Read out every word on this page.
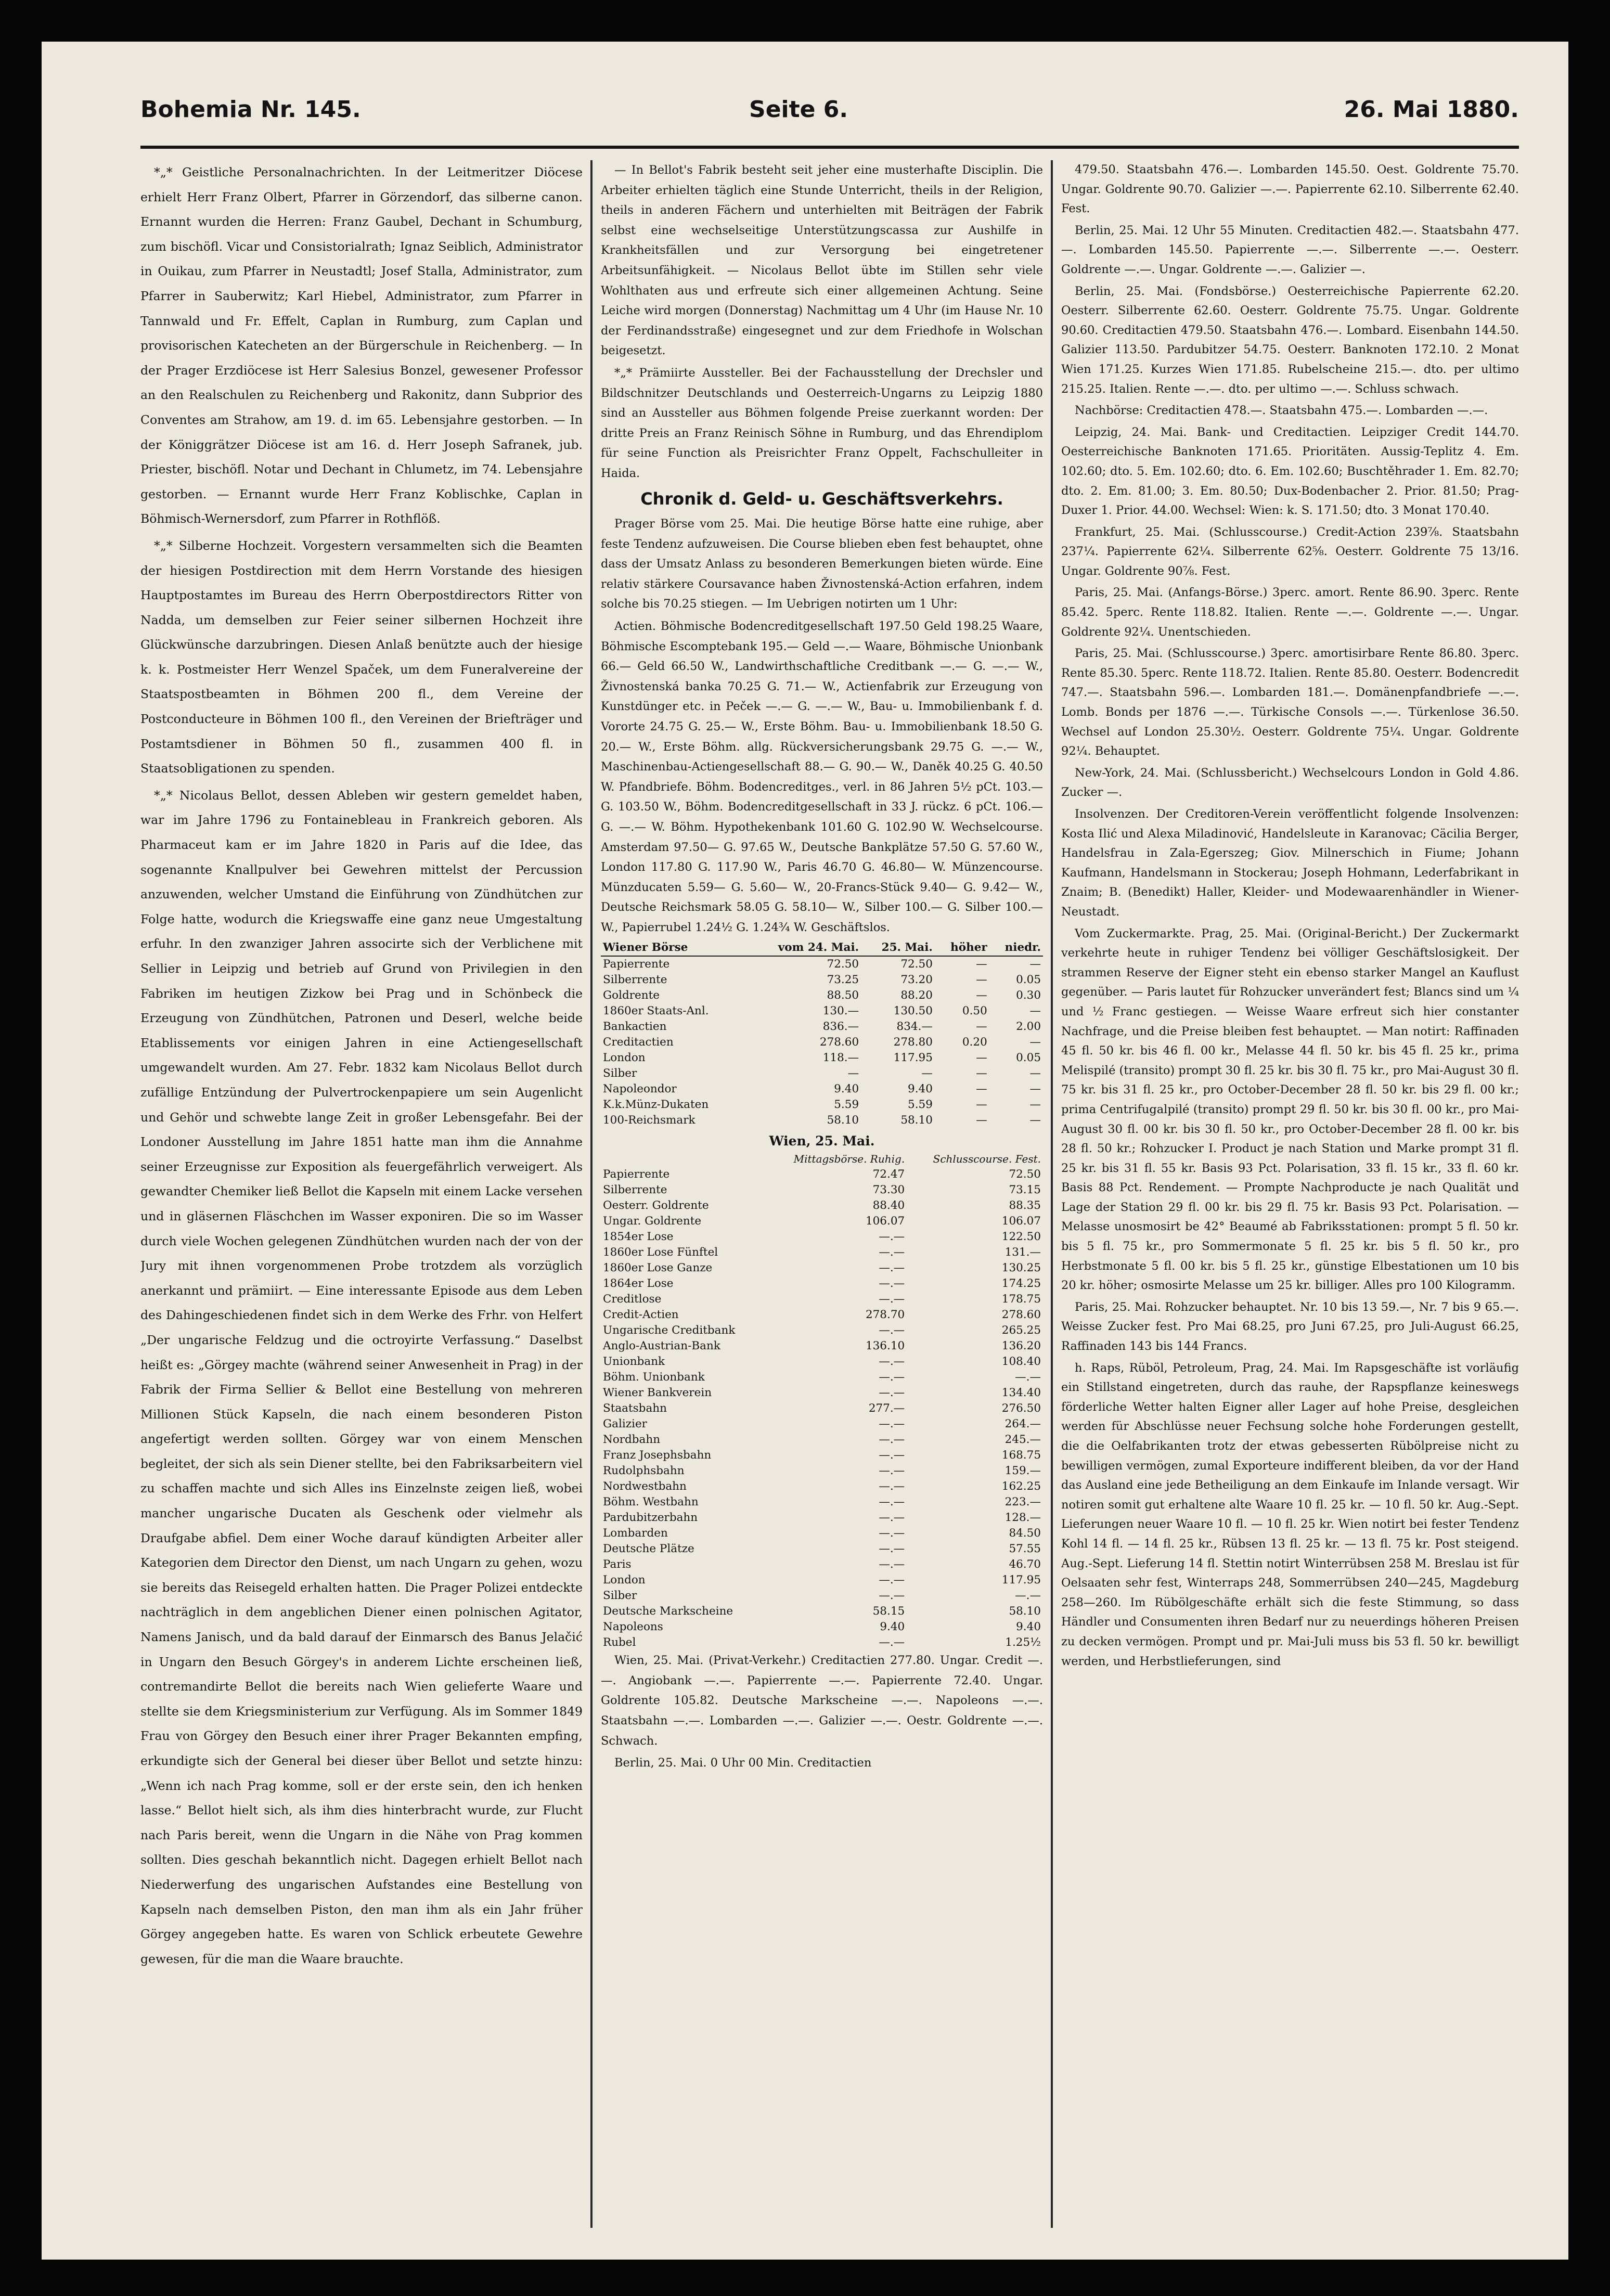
Bohemia Nr. 145.	Seite 6.	26. Mai 1880.

*„* Geistliche Personalnachrichten. In der Leitmeritzer Diöcese erhielt Herr Franz Olbert, Pfarrer in Görzendorf, das silberne canon. Ernannt wurden die Herren: Franz Gaubel, Dechant in Schumburg, zum bischöfl. Vicar und Consistorialrath; Ignaz Seiblich, Administrator in Ouikau, zum Pfarrer in Neustadtl; Josef Stalla, Administrator, zum Pfarrer in Sauberwitz; Karl Hiebel, Administrator, zum Pfarrer in Tannwald und Fr. Effelt, Caplan in Rumburg, zum Caplan und provisorischen Katecheten an der Bürgerschule in Reichenberg. — In der Prager Erzdiöcese ist Herr Salesius Bonzel, gewesener Professor an den Realschulen zu Reichenberg und Rakonitz, dann Subprior des Conventes am Strahow, am 19. d. im 65. Lebensjahre gestorben. — In der Königgrätzer Diöcese ist am 16. d. Herr Joseph Safranek, jub. Priester, bischöfl. Notar und Dechant in Chlumetz, im 74. Lebensjahre gestorben. — Ernannt wurde Herr Franz Koblischke, Caplan in Böhmisch-Wernersdorf, zum Pfarrer in Rothflöß.

*„* Silberne Hochzeit. Vorgestern versammelten sich die Beamten der hiesigen Postdirection mit dem Herrn Vorstande des hiesigen Hauptpostamtes im Bureau des Herrn Oberpostdirectors Ritter von Nadda, um demselben zur Feier seiner silbernen Hochzeit ihre Glückwünsche darzubringen. Diesen Anlaß benützte auch der hiesige k. k. Postmeister Herr Wenzel Spaček, um dem Funeralvereine der Staatspostbeamten in Böhmen 200 fl., dem Vereine der Postconducteure in Böhmen 100 fl., den Vereinen der Briefträger und Postamtsdiener in Böhmen 50 fl., zusammen 400 fl. in Staatsobligationen zu spenden.

*„* Nicolaus Bellot, dessen Ableben wir gestern gemeldet haben, war im Jahre 1796 zu Fontainebleau in Frankreich geboren. Als Pharmaceut kam er im Jahre 1820 in Paris auf die Idee, das sogenannte Knallpulver bei Gewehren mittelst der Percussion anzuwenden, welcher Umstand die Einführung von Zündhütchen zur Folge hatte, wodurch die Kriegswaffe eine ganz neue Umgestaltung erfuhr. In den zwanziger Jahren associrte sich der Verblichene mit Sellier in Leipzig und betrieb auf Grund von Privilegien in den Fabriken im heutigen Zizkow bei Prag und in Schönbeck die Erzeugung von Zündhütchen, Patronen und Deserl, welche beide Etablissements vor einigen Jahren in eine Actiengesellschaft umgewandelt wurden. Am 27. Febr. 1832 kam Nicolaus Bellot durch zufällige Entzündung der Pulvertrockenpapiere um sein Augenlicht und Gehör und schwebte lange Zeit in großer Lebensgefahr. Bei der Londoner Ausstellung im Jahre 1851 hatte man ihm die Annahme seiner Erzeugnisse zur Exposition als feuergefährlich verweigert. Als gewandter Chemiker ließ Bellot die Kapseln mit einem Lacke versehen und in gläsernen Fläschchen im Wasser exponiren. Die so im Wasser durch viele Wochen gelegenen Zündhütchen wurden nach der von der Jury mit ihnen vorgenommenen Probe trotzdem als vorzüglich anerkannt und prämiirt. — Eine interessante Episode aus dem Leben des Dahingeschiedenen findet sich in dem Werke des Frhr. von Helfert „Der ungarische Feldzug und die octroyirte Verfassung.“ Daselbst heißt es: „Görgey machte (während seiner Anwesenheit in Prag) in der Fabrik der Firma Sellier & Bellot eine Bestellung von mehreren Millionen Stück Kapseln, die nach einem besonderen Piston angefertigt werden sollten. Görgey war von einem Menschen begleitet, der sich als sein Diener stellte, bei den Fabriksarbeitern viel zu schaffen machte und sich Alles ins Einzelnste zeigen ließ, wobei mancher ungarische Ducaten als Geschenk oder vielmehr als Draufgabe abfiel. Dem einer Woche darauf kündigten Arbeiter aller Kategorien dem Director den Dienst, um nach Ungarn zu gehen, wozu sie bereits das Reisegeld erhalten hatten. Die Prager Polizei entdeckte nachträglich in dem angeblichen Diener einen polnischen Agitator, Namens Janisch, und da bald darauf der Einmarsch des Banus Jelačić in Ungarn den Besuch Görgey's in anderem Lichte erscheinen ließ, contremandirte Bellot die bereits nach Wien gelieferte Waare und stellte sie dem Kriegsministerium zur Verfügung. Als im Sommer 1849 Frau von Görgey den Besuch einer ihrer Prager Bekannten empfing, erkundigte sich der General bei dieser über Bellot und setzte hinzu: „Wenn ich nach Prag komme, soll er der erste sein, den ich henken lasse.“ Bellot hielt sich, als ihm dies hinterbracht wurde, zur Flucht nach Paris bereit, wenn die Ungarn in die Nähe von Prag kommen sollten. Dies geschah bekanntlich nicht. Dagegen erhielt Bellot nach Niederwerfung des ungarischen Aufstandes eine Bestellung von Kapseln nach demselben Piston, den man ihm als ein Jahr früher Görgey angegeben hatte. Es waren von Schlick erbeutete Gewehre gewesen, für die man die Waare brauchte.

— In Bellot's Fabrik besteht seit jeher eine musterhafte Disciplin. Die Arbeiter erhielten täglich eine Stunde Unterricht, theils in der Religion, theils in anderen Fächern und unterhielten mit Beiträgen der Fabrik selbst eine wechselseitige Unterstützungscassa zur Aushilfe in Krankheitsfällen und zur Versorgung bei eingetretener Arbeitsunfähigkeit. — Nicolaus Bellot übte im Stillen sehr viele Wohlthaten aus und erfreute sich einer allgemeinen Achtung. Seine Leiche wird morgen (Donnerstag) Nachmittag um 4 Uhr (im Hause Nr. 10 der Ferdinandsstraße) eingesegnet und zur dem Friedhofe in Wolschan beigesetzt.

*„* Prämiirte Aussteller. Bei der Fachausstellung der Drechsler und Bildschnitzer Deutschlands und Oesterreich-Ungarns zu Leipzig 1880 sind an Aussteller aus Böhmen folgende Preise zuerkannt worden: Der dritte Preis an Franz Reinisch Söhne in Rumburg, und das Ehrendiplom für seine Function als Preisrichter Franz Oppelt, Fachschulleiter in Haida.

Chronik d. Geld- u. Geschäftsverkehrs.

Prager Börse vom 25. Mai. Die heutige Börse hatte eine ruhige, aber feste Tendenz aufzuweisen. Die Course blieben eben fest behauptet, ohne dass der Umsatz Anlass zu besonderen Bemerkungen bieten würde. Eine relativ stärkere Coursavance haben Živnostenská-Action erfahren, indem solche bis 70.25 stiegen. — Im Uebrigen notirten um 1 Uhr:

Actien. Böhmische Bodencreditgesellschaft 197.50 Geld 198.25 Waare, Böhmische Escomptebank 195.— Geld —.— Waare, Böhmische Unionbank 66.— Geld 66.50 W., Landwirthschaftliche Creditbank —.— G. —.— W., Živnostenská banka 70.25 G. 71.— W., Actienfabrik zur Erzeugung von Kunstdünger etc. in Peček —.— G. —.— W., Bau- u. Immobilienbank f. d. Vororte 24.75 G. 25.— W., Erste Böhm. Bau- u. Immobilienbank 18.50 G. 20.— W., Erste Böhm. allg. Rückversicherungsbank 29.75 G. —.— W., Maschinenbau-Actiengesellschaft 88.— G. 90.— W., Daněk 40.25 G. 40.50 W. Pfandbriefe. Böhm. Bodencreditges., verl. in 86 Jahren 5½ pCt. 103.— G. 103.50 W., Böhm. Bodencreditgesellschaft in 33 J. rückz. 6 pCt. 106.— G. —.— W. Böhm. Hypothekenbank 101.60 G. 102.90 W. Wechselcourse. Amsterdam 97.50— G. 97.65 W., Deutsche Bankplätze 57.50 G. 57.60 W., London 117.80 G. 117.90 W., Paris 46.70 G. 46.80— W. Münzencourse. Münzducaten 5.59— G. 5.60— W., 20-Francs-Stück 9.40— G. 9.42— W., Deutsche Reichsmark 58.05 G. 58.10— W., Silber 100.— G. Silber 100.— W., Papierrubel 1.24½ G. 1.24¾ W. Geschäftslos.

Wiener Börse	vom 24. Mai.	25. Mai.	höher	niedr.
Papierrente	72.50	72.50	—	—
Silberrente	73.25	73.20	—	0.05
Goldrente	88.50	88.20	—	0.30
1860er Staats-Anl.	130.—	130.50	0.50	—
Bankactien	836.—	834.—	—	2.00
Creditactien	278.60	278.80	0.20	—
London	118.—	117.95	—	0.05
Silber	—	—	—	—
Napoleondor	9.40	9.40	—	—
K.k.Münz-Dukaten	5.59	5.59	—	—
100-Reichsmark	58.10	58.10	—	—

Wien, 25. Mai.

	Mittagsbörse. Ruhig.	Schlusscourse. Fest.
Papierrente	72.47	72.50
Silberrente	73.30	73.15
Oesterr. Goldrente	88.40	88.35
Ungar. Goldrente	106.07	106.07
1854er Lose	—.—	122.50
1860er Lose Fünftel	—.—	131.—
1860er Lose Ganze	—.—	130.25
1864er Lose	—.—	174.25
Creditlose	—.—	178.75
Credit-Actien	278.70	278.60
Ungarische Creditbank	—.—	265.25
Anglo-Austrian-Bank	136.10	136.20
Unionbank	—.—	108.40
Böhm. Unionbank	—.—	—.—
Wiener Bankverein	—.—	134.40
Staatsbahn	277.—	276.50
Galizier	—.—	264.—
Nordbahn	—.—	245.—
Franz Josephsbahn	—.—	168.75
Rudolphsbahn	—.—	159.—
Nordwestbahn	—.—	162.25
Böhm. Westbahn	—.—	223.—
Pardubitzerbahn	—.—	128.—
Lombarden	—.—	84.50
Deutsche Plätze	—.—	57.55
Paris	—.—	46.70
London	—.—	117.95
Silber	—.—	—.—
Deutsche Markscheine	58.15	58.10
Napoleons	9.40	9.40
Rubel	—.—	1.25½

Wien, 25. Mai. (Privat-Verkehr.) Creditactien 277.80. Ungar. Credit —.—. Angiobank —.—. Papierrente —.—. Papierrente 72.40. Ungar. Goldrente 105.82. Deutsche Markscheine —.—. Napoleons —.—. Staatsbahn —.—. Lombarden —.—. Galizier —.—. Oestr. Goldrente —.—. Schwach.

Berlin, 25. Mai. 0 Uhr 00 Min. Creditactien

479.50. Staatsbahn 476.—. Lombarden 145.50. Oest. Goldrente 75.70. Ungar. Goldrente 90.70. Galizier —.—. Papierrente 62.10. Silberrente 62.40. Fest.

Berlin, 25. Mai. 12 Uhr 55 Minuten. Creditactien 482.—. Staatsbahn 477.—. Lombarden 145.50. Papierrente —.—. Silberrente —.—. Oesterr. Goldrente —.—. Ungar. Goldrente —.—. Galizier —.

Berlin, 25. Mai. (Fondsbörse.) Oesterreichische Papierrente 62.20. Oesterr. Silberrente 62.60. Oesterr. Goldrente 75.75. Ungar. Goldrente 90.60. Creditactien 479.50. Staatsbahn 476.—. Lombard. Eisenbahn 144.50. Galizier 113.50. Pardubitzer 54.75. Oesterr. Banknoten 172.10. 2 Monat Wien 171.25. Kurzes Wien 171.85. Rubelscheine 215.—. dto. per ultimo 215.25. Italien. Rente —.—. dto. per ultimo —.—. Schluss schwach.

Nachbörse: Creditactien 478.—. Staatsbahn 475.—. Lombarden —.—.

Leipzig, 24. Mai. Bank- und Creditactien. Leipziger Credit 144.70. Oesterreichische Banknoten 171.65. Prioritäten. Aussig-Teplitz 4. Em. 102.60; dto. 5. Em. 102.60; dto. 6. Em. 102.60; Buschtěhrader 1. Em. 82.70; dto. 2. Em. 81.00; 3. Em. 80.50; Dux-Bodenbacher 2. Prior. 81.50; Prag-Duxer 1. Prior. 44.00. Wechsel: Wien: k. S. 171.50; dto. 3 Monat 170.40.

Frankfurt, 25. Mai. (Schlusscourse.) Credit-Action 239⅞. Staatsbahn 237¼. Papierrente 62¼. Silberrente 62⅝. Oesterr. Goldrente 75 13/16. Ungar. Goldrente 90⅞. Fest.

Paris, 25. Mai. (Anfangs-Börse.) 3perc. amort. Rente 86.90. 3perc. Rente 85.42. 5perc. Rente 118.82. Italien. Rente —.—. Goldrente —.—. Ungar. Goldrente 92¼. Unentschieden.

Paris, 25. Mai. (Schlusscourse.) 3perc. amortisirbare Rente 86.80. 3perc. Rente 85.30. 5perc. Rente 118.72. Italien. Rente 85.80. Oesterr. Bodencredit 747.—. Staatsbahn 596.—. Lombarden 181.—. Domänenpfandbriefe —.—. Lomb. Bonds per 1876 —.—. Türkische Consols —.—. Türkenlose 36.50. Wechsel auf London 25.30½. Oesterr. Goldrente 75¼. Ungar. Goldrente 92¼. Behauptet.

New-York, 24. Mai. (Schlussbericht.) Wechselcours London in Gold 4.86. Zucker —.

Insolvenzen. Der Creditoren-Verein veröffentlicht folgende Insolvenzen: Kosta Ilić und Alexa Miladinović, Handelsleute in Karanovac; Cäcilia Berger, Handelsfrau in Zala-Egerszeg; Giov. Milnerschich in Fiume; Johann Kaufmann, Handelsmann in Stockerau; Joseph Hohmann, Lederfabrikant in Znaim; B. (Benedikt) Haller, Kleider- und Modewaarenhändler in Wiener-Neustadt.

Vom Zuckermarkte. Prag, 25. Mai. (Original-Bericht.) Der Zuckermarkt verkehrte heute in ruhiger Tendenz bei völliger Geschäftslosigkeit. Der strammen Reserve der Eigner steht ein ebenso starker Mangel an Kauflust gegenüber. — Paris lautet für Rohzucker unverändert fest; Blancs sind um ¼ und ½ Franc gestiegen. — Weisse Waare erfreut sich hier constanter Nachfrage, und die Preise bleiben fest behauptet. — Man notirt: Raffinaden 45 fl. 50 kr. bis 46 fl. 00 kr., Melasse 44 fl. 50 kr. bis 45 fl. 25 kr., prima Melispilé (transito) prompt 30 fl. 25 kr. bis 30 fl. 75 kr., pro Mai-August 30 fl. 75 kr. bis 31 fl. 25 kr., pro October-December 28 fl. 50 kr. bis 29 fl. 00 kr.; prima Centrifugalpilé (transito) prompt 29 fl. 50 kr. bis 30 fl. 00 kr., pro Mai-August 30 fl. 00 kr. bis 30 fl. 50 kr., pro October-December 28 fl. 00 kr. bis 28 fl. 50 kr.; Rohzucker I. Product je nach Station und Marke prompt 31 fl. 25 kr. bis 31 fl. 55 kr. Basis 93 Pct. Polarisation, 33 fl. 15 kr., 33 fl. 60 kr. Basis 88 Pct. Rendement. — Prompte Nachproducte je nach Qualität und Lage der Station 29 fl. 00 kr. bis 29 fl. 75 kr. Basis 93 Pct. Polarisation. — Melasse unosmosirt be 42° Beaumé ab Fabriksstationen: prompt 5 fl. 50 kr. bis 5 fl. 75 kr., pro Sommermonate 5 fl. 25 kr. bis 5 fl. 50 kr., pro Herbstmonate 5 fl. 00 kr. bis 5 fl. 25 kr., günstige Elbestationen um 10 bis 20 kr. höher; osmosirte Melasse um 25 kr. billiger. Alles pro 100 Kilogramm.

Paris, 25. Mai. Rohzucker behauptet. Nr. 10 bis 13 59.—, Nr. 7 bis 9 65.—. Weisse Zucker fest. Pro Mai 68.25, pro Juni 67.25, pro Juli-August 66.25, Raffinaden 143 bis 144 Francs.

h. Raps, Rüböl, Petroleum, Prag, 24. Mai. Im Rapsgeschäfte ist vorläufig ein Stillstand eingetreten, durch das rauhe, der Rapspflanze keineswegs förderliche Wetter halten Eigner aller Lager auf hohe Preise, desgleichen werden für Abschlüsse neuer Fechsung solche hohe Forderungen gestellt, die die Oelfabrikanten trotz der etwas gebesserten Rübölpreise nicht zu bewilligen vermögen, zumal Exporteure indifferent bleiben, da vor der Hand das Ausland eine jede Betheiligung an dem Einkaufe im Inlande versagt. Wir notiren somit gut erhaltene alte Waare 10 fl. 25 kr. — 10 fl. 50 kr. Aug.-Sept. Lieferungen neuer Waare 10 fl. — 10 fl. 25 kr. Wien notirt bei fester Tendenz Kohl 14 fl. — 14 fl. 25 kr., Rübsen 13 fl. 25 kr. — 13 fl. 75 kr. Post steigend. Aug.-Sept. Lieferung 14 fl. Stettin notirt Winterrübsen 258 M. Breslau ist für Oelsaaten sehr fest, Winterraps 248, Sommerrübsen 240—245, Magdeburg 258—260. Im Rübölgeschäfte erhält sich die feste Stimmung, so dass Händler und Consumenten ihren Bedarf nur zu neuerdings höheren Preisen zu decken vermögen. Prompt und pr. Mai-Juli muss bis 53 fl. 50 kr. bewilligt werden, und Herbstlieferungen, sind
